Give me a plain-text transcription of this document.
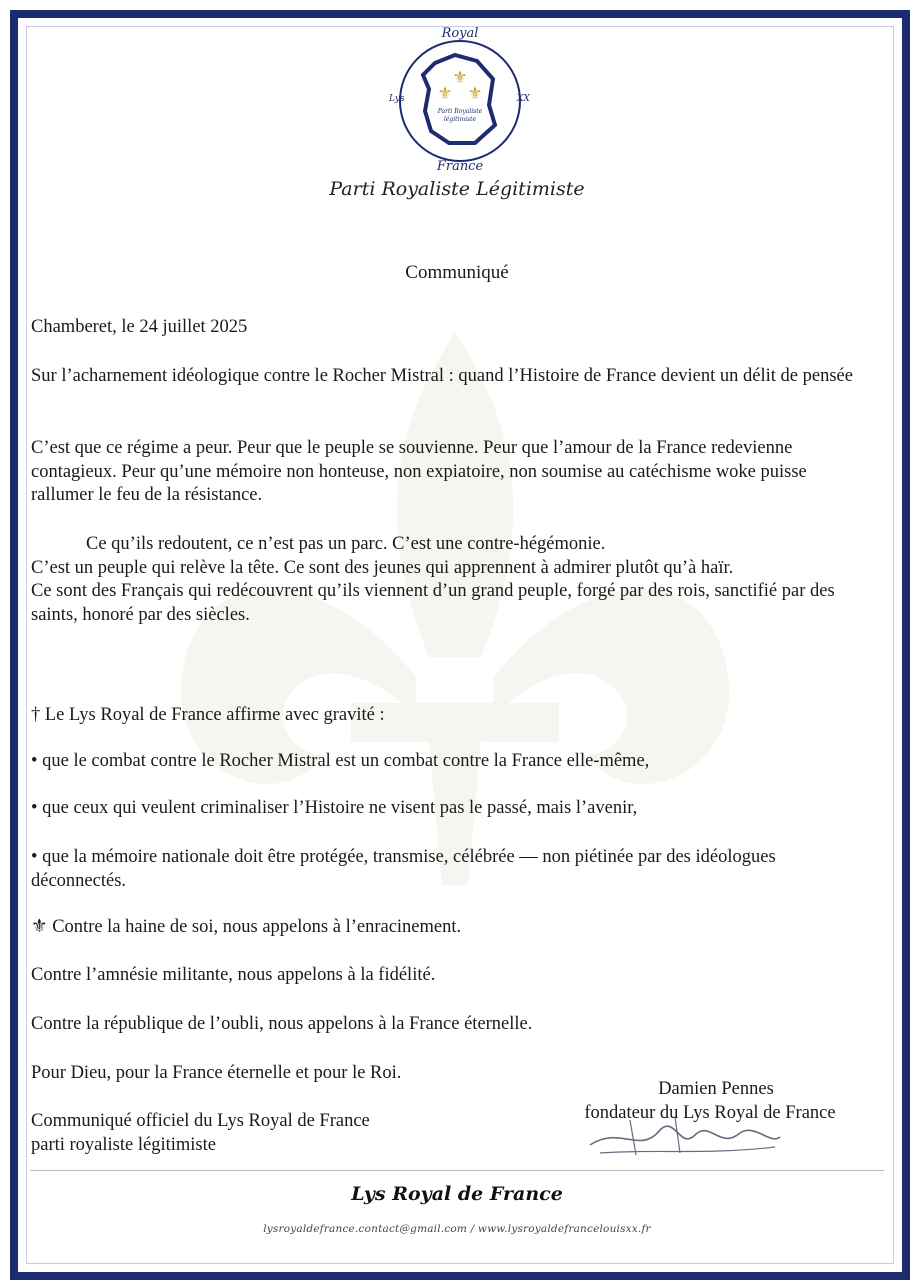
Royal
France
Lys	XX
⚜
⚜ ⚜
Parti Royaliste
légitimiste
Parti Royaliste Légitimiste
Communiqué
Chamberet, le 24 juillet 2025
Sur l’acharnement idéologique contre le Rocher Mistral : quand l’Histoire de France devient un délit de pensée
C’est que ce régime a peur. Peur que le peuple se souvienne. Peur que l’amour de la France redevienne contagieux. Peur qu’une mémoire non honteuse, non expiatoire, non soumise au catéchisme woke puisse rallumer le feu de la résistance.
Ce qu’ils redoutent, ce n’est pas un parc. C’est une contre-hégémonie.
C’est un peuple qui relève la tête. Ce sont des jeunes qui apprennent à admirer plutôt qu’à haïr.
Ce sont des Français qui redécouvrent qu’ils viennent d’un grand peuple, forgé par des rois, sanctifié par des saints, honoré par des siècles.
† Le Lys Royal de France affirme avec gravité :
• que le combat contre le Rocher Mistral est un combat contre la France elle-même,
• que ceux qui veulent criminaliser l’Histoire ne visent pas le passé, mais l’avenir,
• que la mémoire nationale doit être protégée, transmise, célébrée — non piétinée par des idéologues déconnectés.
⚜ Contre la haine de soi, nous appelons à l’enracinement.
Contre l’amnésie militante, nous appelons à la fidélité.
Contre la république de l’oubli, nous appelons à la France éternelle.
Pour Dieu, pour la France éternelle et pour le Roi.
Communiqué officiel du Lys Royal de France
parti royaliste légitimiste
Damien Pennes
fondateur du Lys Royal de France
Lys Royal de France
lysroyaldefrance.contact@gmail.com / www.lysroyaldefrancelouisxx.fr
